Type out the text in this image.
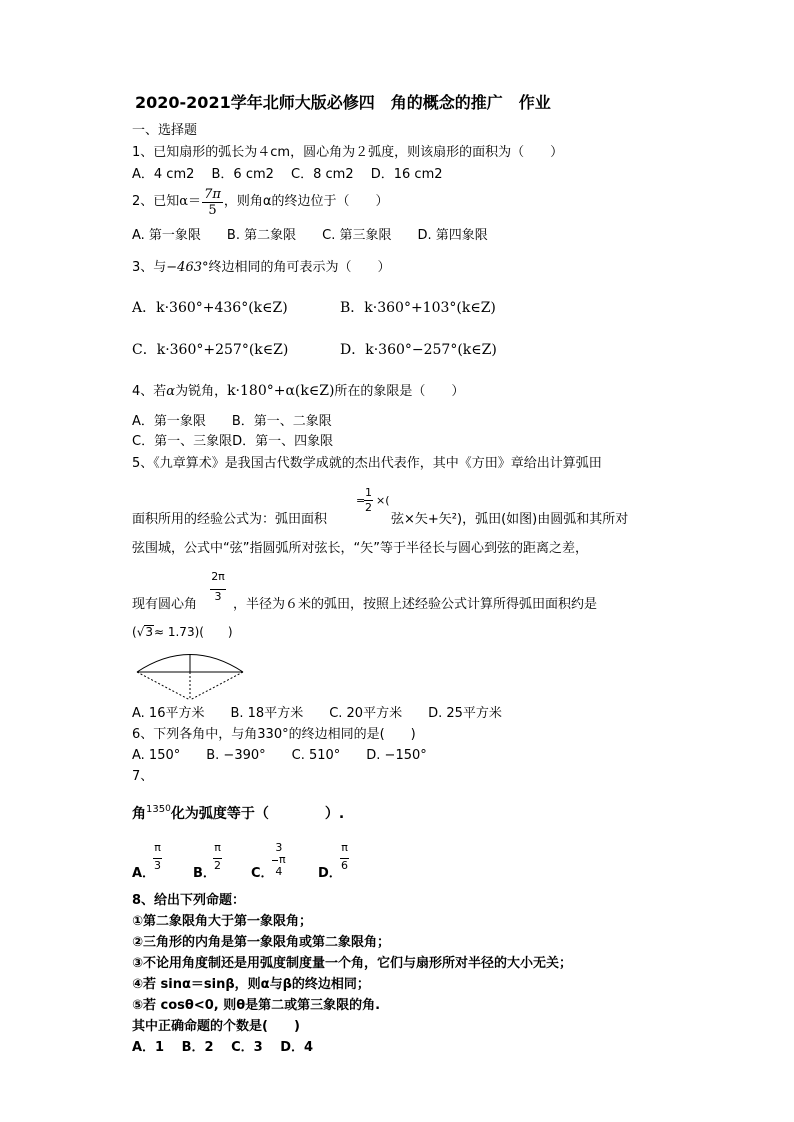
2020-2021学年北师大版必修四　角的概念的推广　作业
一、选择题
1、已知扇形的弧长为４cm，圆心角为２弧度，则该扇形的面积为（　　）
A．4 cm2　 B．6 cm2　 C．8 cm2　 D．16 cm2
2、已知 $\alpha= \frac{7\pi}{5}$ ，则角α的终边位于（　　）
A. 第一象限　　B. 第二象限　　C. 第三象限　　D. 第四象限
3、与−463°终边相同的角可表示为（　　）
A．k·360°+436°(k∈Z)	B．k·360°+103°(k∈Z)
C．k·360°+257°(k∈Z)	D．k·360°−257°(k∈Z)
4、若α为锐角，k·180°+α(k∈Z)所在的象限是（　　）
A．第一象限　　B．第一、二象限
C．第一、三象限D．第一、四象限
5、《九章算术》是我国古代数学成就的杰出代表作，其中《方田》章给出计算弧田
1
2
= ×(
面积所用的经验公式为：弧田面积	弦×矢+矢²)，弧田(如图)由圆弧和其所对
弦围城，公式中“弦”指圆弧所对弦长，“矢”等于半径长与圆心到弦的距离之差，
2π
3
现有圆心角	，半径为６米的弧田，按照上述经验公式计算所得弧田面积约是
(√3≈ 1.73)(　　)
A. 16平方米　　B. 18平方米　　C. 20平方米　　D. 25平方米
6、下列各角中，与角330°的终边相同的是(　　)
A. 150°　　B. −390°　　C. 510°　　D. −150°
7、
角$^{1350}$化为弧度等于（　　　　）.
A．
π
3
B．
π
2
C．
3
π
4	D．
π
6
8、给出下列命题：
①第二象限角大于第一象限角；
②三角形的内角是第一象限角或第二象限角；
③不论用角度制还是用弧度制度量一个角，它们与扇形所对半径的大小无关；
④若 sinα＝sinβ，则α与β的终边相同；
⑤若 cosθ<0, 则θ是第二或第三象限的角.
其中正确命题的个数是(　　)
A．1　 B．2　 C．3　 D．4
